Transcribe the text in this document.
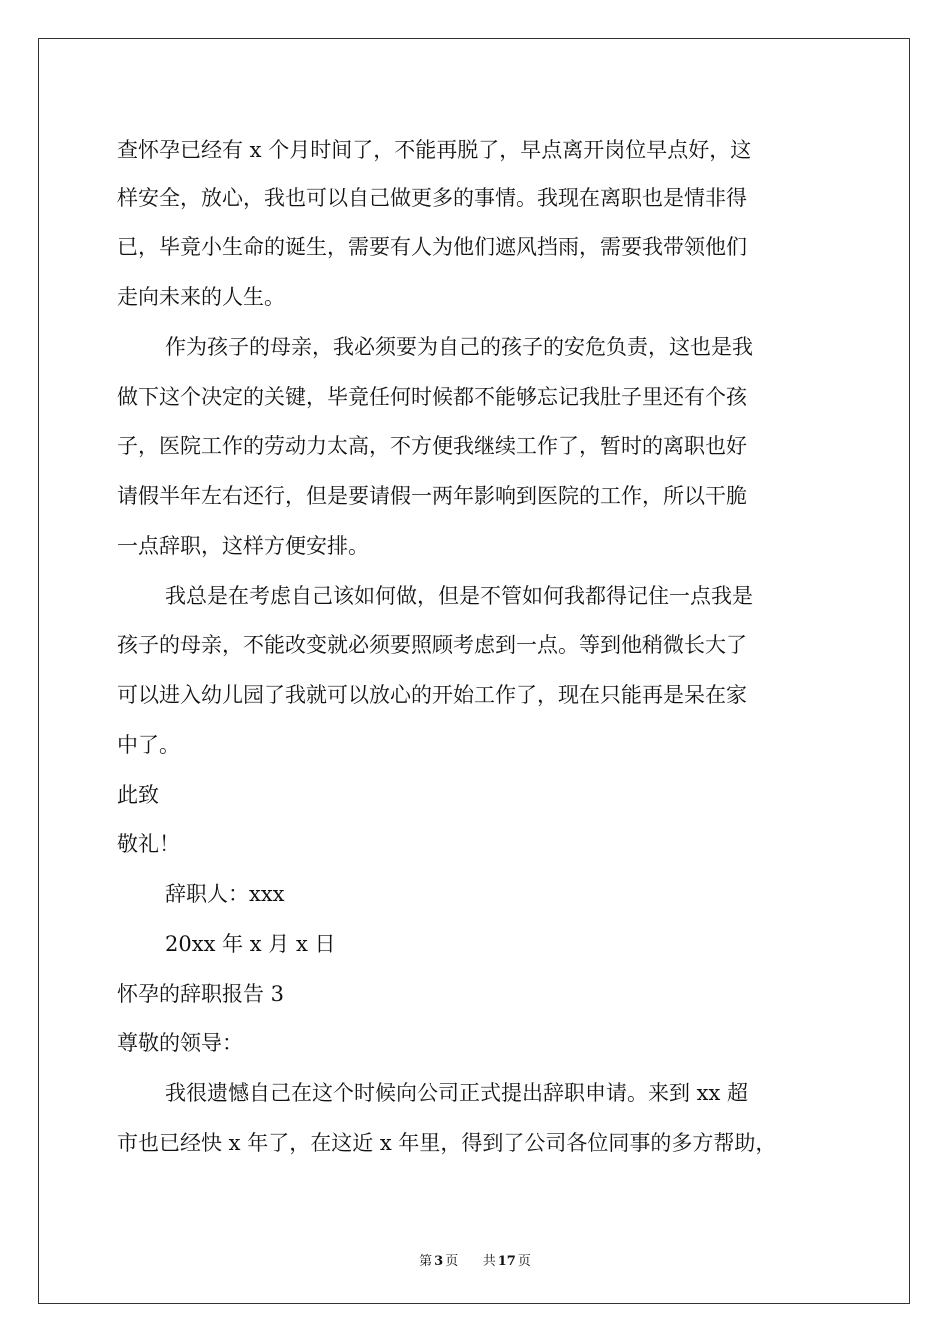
查怀孕已经有 x 个月时间了，不能再脱了，早点离开岗位早点好，这

样安全，放心，我也可以自己做更多的事情。我现在离职也是情非得

已，毕竟小生命的诞生，需要有人为他们遮风挡雨，需要我带领他们

走向未来的人生。

作为孩子的母亲，我必须要为自己的孩子的安危负责，这也是我

做下这个决定的关键，毕竟任何时候都不能够忘记我肚子里还有个孩

子，医院工作的劳动力太高，不方便我继续工作了，暂时的离职也好

请假半年左右还行，但是要请假一两年影响到医院的工作，所以干脆

一点辞职，这样方便安排。

我总是在考虑自己该如何做，但是不管如何我都得记住一点我是

孩子的母亲，不能改变就必须要照顾考虑到一点。等到他稍微长大了

可以进入幼儿园了我就可以放心的开始工作了，现在只能再是呆在家

中了。

此致

敬礼！

辞职人：xxx

20xx 年 x 月 x 日

怀孕的辞职报告 3

尊敬的领导：

我很遗憾自己在这个时候向公司正式提出辞职申请。来到 xx 超

市也已经快 x 年了，在这近 x 年里，得到了公司各位同事的多方帮助，

第 3 页 共 17 页
